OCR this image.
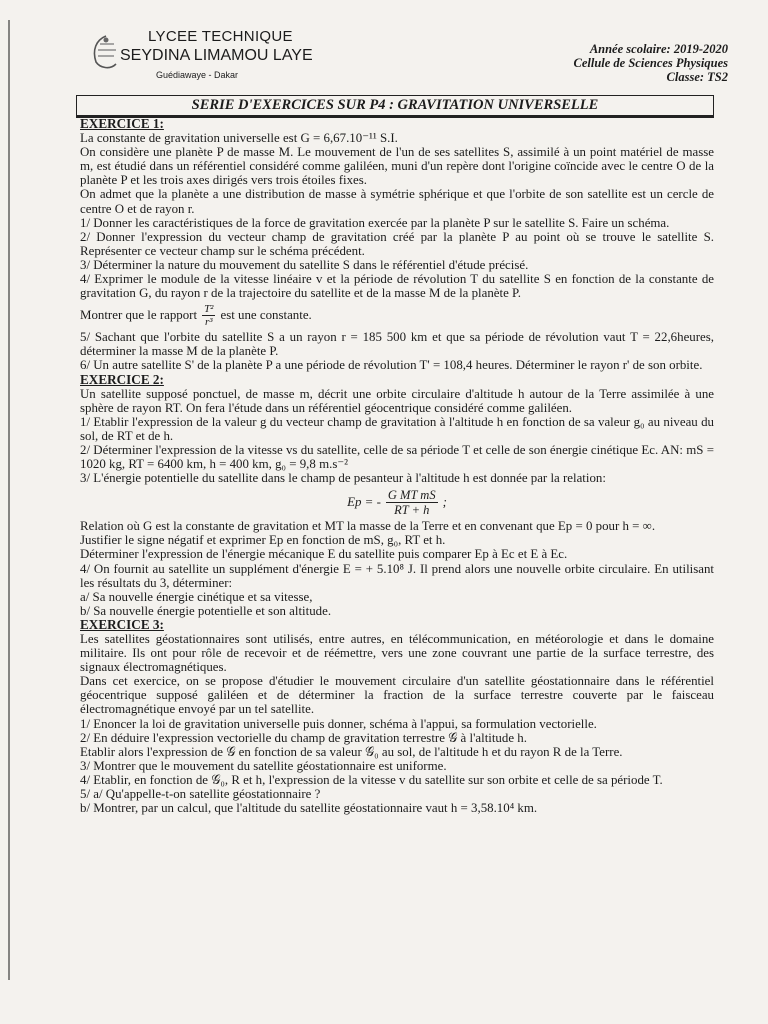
LYCEE TECHNIQUE
SEYDINA LIMAMOU LAYE
Guédiawaye - Dakar
Année scolaire: 2019-2020
Cellule de Sciences Physiques
Classe: TS2
SERIE D'EXERCICES SUR P4 : GRAVITATION UNIVERSELLE

EXERCICE 1:

La constante de gravitation universelle est G = 6,67.10⁻¹¹ S.I.

On considère une planète P de masse M. Le mouvement de l'un de ses satellites S, assimilé à un point matériel de masse m, est étudié dans un référentiel considéré comme galiléen, muni d'un repère dont l'origine coïncide avec le centre O de la planète P et les trois axes dirigés vers trois étoiles fixes.

On admet que la planète a une distribution de masse à symétrie sphérique et que l'orbite de son satellite est un cercle de centre O et de rayon r.

1/ Donner les caractéristiques de la force de gravitation exercée par la planète P sur le satellite S. Faire un schéma.

2/ Donner l'expression du vecteur champ de gravitation créé par la planète P au point où se trouve le satellite S. Représenter ce vecteur champ sur le schéma précédent.

3/ Déterminer la nature du mouvement du satellite S dans le référentiel d'étude précisé.

4/ Exprimer le module de la vitesse linéaire v et la période de révolution T du satellite S en fonction de la constante de gravitation G, du rayon r de la trajectoire du satellite et de la masse M de la planète P.

Montrer que le rapport $\frac{\text{T²}}{\text{r³}}$ est une constante.

5/ Sachant que l'orbite du satellite S a un rayon r = 185 500 km et que sa période de révolution vaut T = 22,6heures, déterminer la masse M de la planète P.

6/ Un autre satellite S' de la planète P a une période de révolution T' = 108,4 heures. Déterminer le rayon r' de son orbite.

EXERCICE 2:

Un satellite supposé ponctuel, de masse m, décrit une orbite circulaire d'altitude h autour de la Terre assimilée à une sphère de rayon RT. On fera l'étude dans un référentiel géocentrique considéré comme galiléen.

1/ Etablir l'expression de la valeur g du vecteur champ de gravitation à l'altitude h en fonction de sa valeur g₀ au niveau du sol, de RT et de h.

2/ Déterminer l'expression de la vitesse vs du satellite, celle de sa période T et celle de son énergie cinétique Ec. AN: mS = 1020 kg, RT = 6400 km, h = 400 km, g₀ = 9,8 m.s⁻²

3/ L'énergie potentielle du satellite dans le champ de pesanteur à l'altitude h est donnée par la relation:

Ep = - $\frac{\text{G MT mS}}{RT + h}$ ;

Relation où G est la constante de gravitation et MT la masse de la Terre et en convenant que Ep = 0 pour h = ∞.

Justifier le signe négatif et exprimer Ep en fonction de mS, g₀, RT et h.

Déterminer l'expression de l'énergie mécanique E du satellite puis comparer Ep à Ec et E à Ec.

4/ On fournit au satellite un supplément d'énergie E = + 5.10⁸ J. Il prend alors une nouvelle orbite circulaire. En utilisant les résultats du 3, déterminer:

a/ Sa nouvelle énergie cinétique et sa vitesse,

b/ Sa nouvelle énergie potentielle et son altitude.

EXERCICE 3:

Les satellites géostationnaires sont utilisés, entre autres, en télécommunication, en météorologie et dans le domaine militaire. Ils ont pour rôle de recevoir et de réémettre, vers une zone couvrant une partie de la surface terrestre, des signaux électromagnétiques.

Dans cet exercice, on se propose d'étudier le mouvement circulaire d'un satellite géostationnaire dans le référentiel géocentrique supposé galiléen et de déterminer la fraction de la surface terrestre couverte par le faisceau électromagnétique envoyé par un tel satellite.

1/ Enoncer la loi de gravitation universelle puis donner, schéma à l'appui, sa formulation vectorielle.

2/ En déduire l'expression vectorielle du champ de gravitation terrestre 𝒢 à l'altitude h.

Etablir alors l'expression de 𝒢 en fonction de sa valeur 𝒢₀ au sol, de l'altitude h et du rayon R de la Terre.

3/ Montrer que le mouvement du satellite géostationnaire est uniforme.

4/ Etablir, en fonction de 𝒢₀, R et h, l'expression de la vitesse v du satellite sur son orbite et celle de sa période T.

5/ a/ Qu'appelle-t-on satellite géostationnaire ?

b/ Montrer, par un calcul, que l'altitude du satellite géostationnaire vaut h = 3,58.10⁴ km.
